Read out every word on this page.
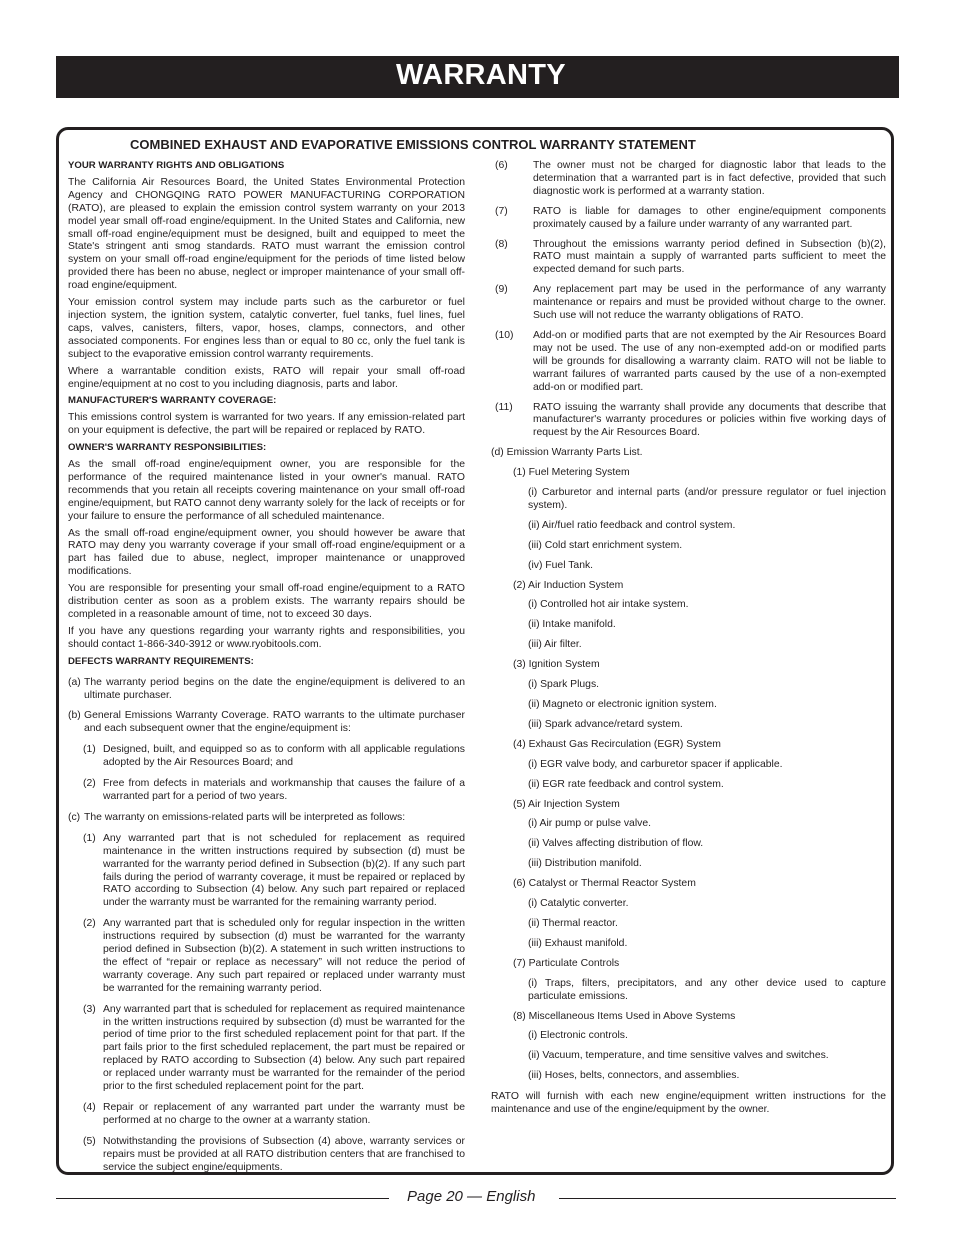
WARRANTY
COMBINED EXHAUST AND EVAPORATIVE EMISSIONS CONTROL WARRANTY STATEMENT
YOUR WARRANTY RIGHTS AND OBLIGATIONS
The California Air Resources Board, the United States Environmental Protection Agency and CHONGQING RATO POWER MANUFACTURING CORPORATION (RATO), are pleased to explain the emission control system warranty on your 2013 model year small off-road engine/equipment. In the United States and California, new small off-road engine/equipment must be designed, built and equipped to meet the State's stringent anti smog standards. RATO must warrant the emission control system on your small off-road engine/equipment for the periods of time listed below provided there has been no abuse, neglect or improper maintenance of your small off-road engine/equipment.
Your emission control system may include parts such as the carburetor or fuel injection system, the ignition system, catalytic converter, fuel tanks, fuel lines, fuel caps, valves, canisters, filters, vapor, hoses, clamps, connectors, and other associated components. For engines less than or equal to 80 cc, only the fuel tank is subject to the evaporative emission control warranty requirements.
Where a warrantable condition exists, RATO will repair your small off-road engine/equipment at no cost to you including diagnosis, parts and labor.
MANUFACTURER'S WARRANTY COVERAGE:
This emissions control system is warranted for two years. If any emission-related part on your equipment is defective, the part will be repaired or replaced by RATO.
OWNER'S WARRANTY RESPONSIBILITIES:
As the small off-road engine/equipment owner, you are responsible for the performance of the required maintenance listed in your owner's manual. RATO recommends that you retain all receipts covering maintenance on your small off-road engine/equipment, but RATO cannot deny warranty solely for the lack of receipts or for your failure to ensure the performance of all scheduled maintenance.
As the small off-road engine/equipment owner, you should however be aware that RATO may deny you warranty coverage if your small off-road engine/equipment or a part has failed due to abuse, neglect, improper maintenance or unapproved modifications.
You are responsible for presenting your small off-road engine/equipment to a RATO distribution center as soon as a problem exists. The warranty repairs should be completed in a reasonable amount of time, not to exceed 30 days.
If you have any questions regarding your warranty rights and responsibilities, you should contact 1-866-340-3912 or www.ryobitools.com.
DEFECTS WARRANTY REQUIREMENTS:
(a) The warranty period begins on the date the engine/equipment is delivered to an ultimate purchaser.
(b) General Emissions Warranty Coverage. RATO warrants to the ultimate purchaser and each subsequent owner that the engine/equipment is:
(1) Designed, built, and equipped so as to conform with all applicable regulations adopted by the Air Resources Board; and
(2) Free from defects in materials and workmanship that causes the failure of a warranted part for a period of two years.
(c) The warranty on emissions-related parts will be interpreted as follows:
(1) Any warranted part that is not scheduled for replacement as required maintenance in the written instructions required by subsection (d) must be warranted for the warranty period defined in Subsection (b)(2). If any such part fails during the period of warranty coverage, it must be repaired or replaced by RATO according to Subsection (4) below. Any such part repaired or replaced under the warranty must be warranted for the remaining warranty period.
(2) Any warranted part that is scheduled only for regular inspection in the written instructions required by subsection (d) must be warranted for the warranty period defined in Subsection (b)(2). A statement in such written instructions to the effect of “repair or replace as necessary” will not reduce the period of warranty coverage. Any such part repaired or replaced under warranty must be warranted for the remaining warranty period.
(3) Any warranted part that is scheduled for replacement as required maintenance in the written instructions required by subsection (d) must be warranted for the period of time prior to the first scheduled replacement point for that part. If the part fails prior to the first scheduled replacement, the part must be repaired or replaced by RATO according to Subsection (4) below. Any such part repaired or replaced under warranty must be warranted for the remainder of the period prior to the first scheduled replacement point for the part.
(4) Repair or replacement of any warranted part under the warranty must be performed at no charge to the owner at a warranty station.
(5) Notwithstanding the provisions of Subsection (4) above, warranty services or repairs must be provided at all RATO distribution centers that are franchised to service the subject engine/equipments.
(6)	The owner must not be charged for diagnostic labor that leads to the determination that a warranted part is in fact defective, provided that such diagnostic work is performed at a warranty station.
(7)	RATO is liable for damages to other engine/equipment components proximately caused by a failure under warranty of any warranted part.
(8)	Throughout the emissions warranty period defined in Subsection (b)(2), RATO must maintain a supply of warranted parts sufficient to meet the expected demand for such parts.
(9)	Any replacement part may be used in the performance of any warranty maintenance or repairs and must be provided without charge to the owner. Such use will not reduce the warranty obligations of RATO.
(10)	Add-on or modified parts that are not exempted by the Air Resources Board may not be used. The use of any non-exempted add-on or modified parts will be grounds for disallowing a warranty claim. RATO will not be liable to warrant failures of warranted parts caused by the use of a non-exempted add-on or modified part.
(11)	RATO issuing the warranty shall provide any documents that describe that manufacturer's warranty procedures or policies within five working days of request by the Air Resources Board.
(d) Emission Warranty Parts List.
(1) Fuel Metering System
(i) Carburetor and internal parts (and/or pressure regulator or fuel injection system).
(ii) Air/fuel ratio feedback and control system.
(iii) Cold start enrichment system.
(iv) Fuel Tank.
(2) Air Induction System
(i) Controlled hot air intake system.
(ii) Intake manifold.
(iii) Air filter.
(3) Ignition System
(i) Spark Plugs.
(ii) Magneto or electronic ignition system.
(iii) Spark advance/retard system.
(4) Exhaust Gas Recirculation (EGR) System
(i) EGR valve body, and carburetor spacer if applicable.
(ii) EGR rate feedback and control system.
(5) Air Injection System
(i) Air pump or pulse valve.
(ii) Valves affecting distribution of flow.
(iii) Distribution manifold.
(6) Catalyst or Thermal Reactor System
(i) Catalytic converter.
(ii) Thermal reactor.
(iii) Exhaust manifold.
(7) Particulate Controls
(i) Traps, filters, precipitators, and any other device used to capture particulate emissions.
(8) Miscellaneous Items Used in Above Systems
(i) Electronic controls.
(ii) Vacuum, temperature, and time sensitive valves and switches.
(iii) Hoses, belts, connectors, and assemblies.
RATO will furnish with each new engine/equipment written instructions for the maintenance and use of the engine/equipment by the owner.
Page 20 — English
